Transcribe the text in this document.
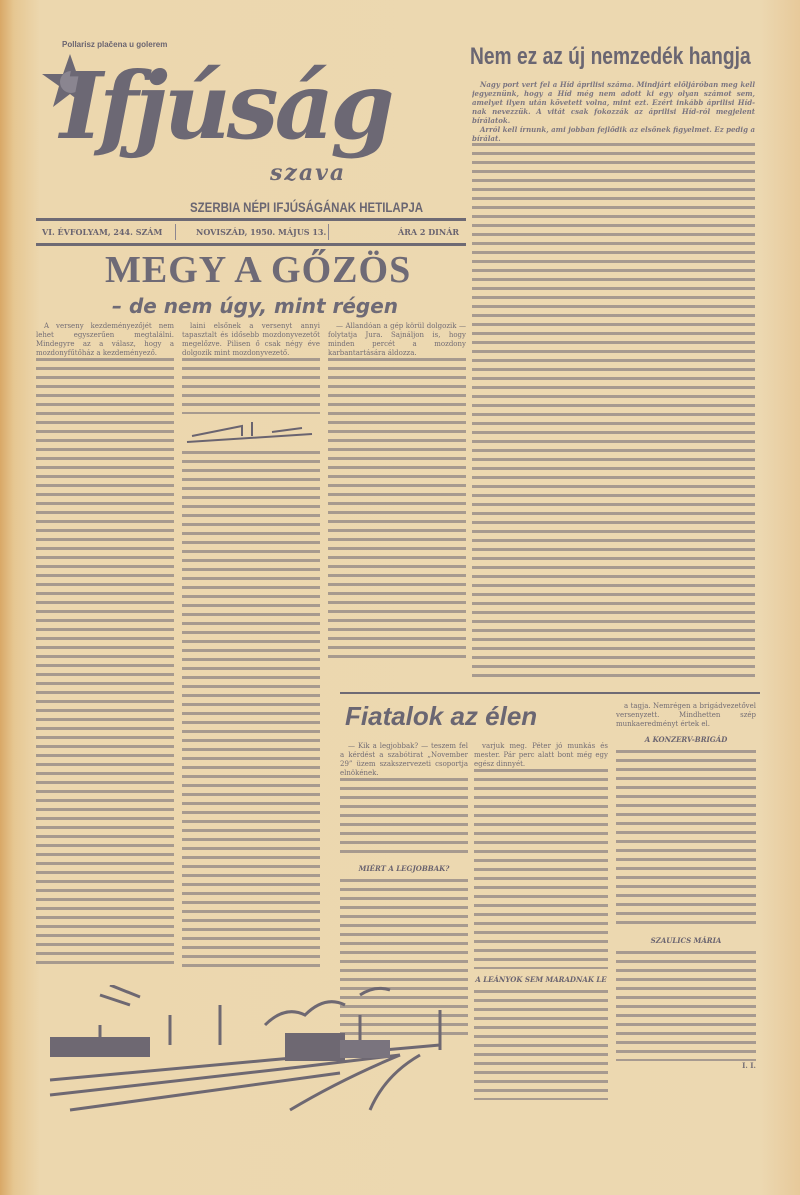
Pollarisz plačena u golerem
Ifjúság
szava
SZERBIA NÉPI IFJÚSÁGÁNAK HETILAPJA
VI. ÉVFOLYAM, 244. SZÁM	NOVISZÁD, 1950. MÁJUS 13.	ÁRA 2 DINÁR
MEGY A GŐZÖS
– de nem úgy, mint régen

A verseny kezdeményezőjét nem lehet egyszerűen megtalálni. Mindegyre az a válasz, hogy a mozdonyfűtőház a kezdeményező.

laini elsőnek a versenyt annyi tapasztalt és idősebb mozdonyvezetőt megelőzve. Pilisen ő csak négy éve dolgozik mint mozdonyvezető.

— Állandóan a gép körül dolgozik — folytatja Jura. Sajnáljon is, hogy minden percét a mozdony karbantartására áldozza.

Nem ez az új nemzedék hangja

Nagy port vert fel a Híd áprilisi száma. Mindjárt előljáróban meg kell jegyeznünk, hogy a Híd még nem adott ki egy olyan számot sem, amelyet ilyen után követett volna, mint ezt. Ezért inkább áprilisi Híd-nak nevezzük. A vitát csak fokozzák az áprilisi Híd-ról megjelent bírálatok.

Arról kell írnunk, ami jobban fejlődik az elsőnek figyelmet. Ez pedig a bírálat.

Fiatalok az élen

— Kik a legjobbak? — teszem fel a kérdést a szabótirat „November 29” üzem szakszervezeti csoportja elnökének.

MIÉRT A LEGJOBBAK?

varjuk meg. Péter jó munkás és mester. Pár perc alatt bont még egy egész dinnyét.

A LEÁNYOK SEM MARADNAK LE

a tagja. Nemrégen a brigádvezetővel versenyzett. Mindhetten szép munkaeredményt értek el.

A KONZERV-BRIGÁD
SZAULICS MÁRIA
I. I.
